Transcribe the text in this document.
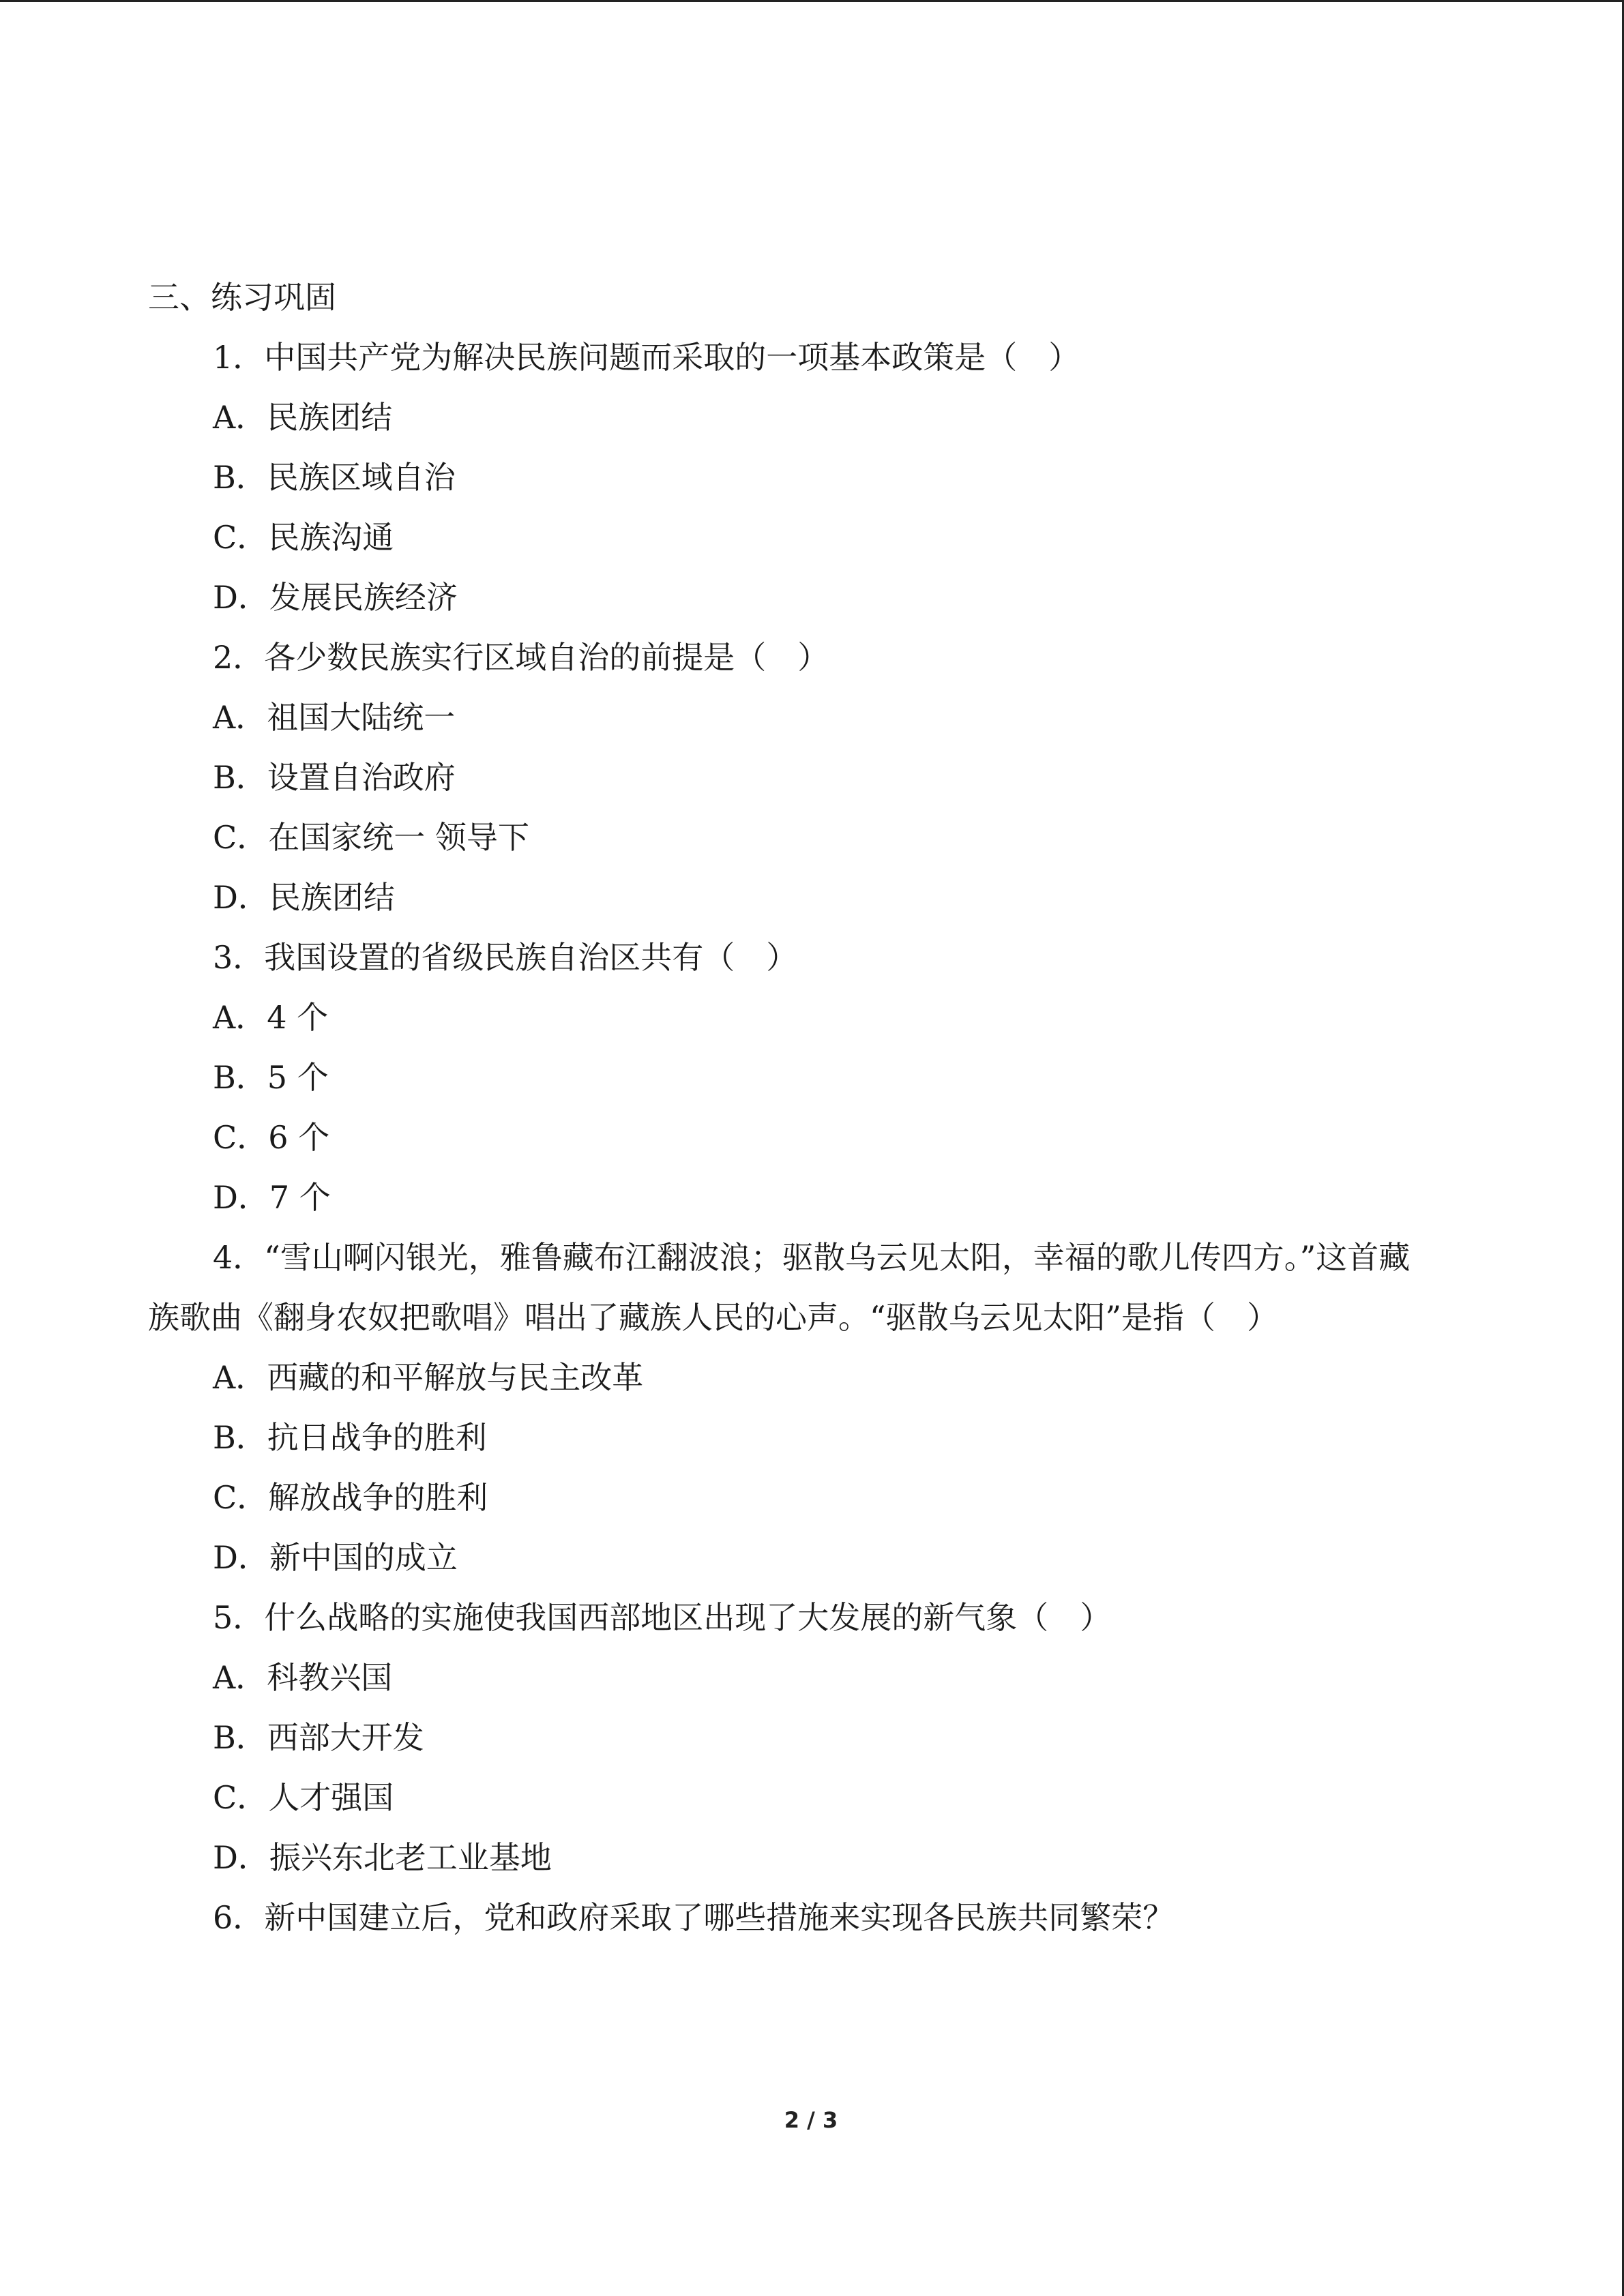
三、练习巩固
1．中国共产党为解决民族问题而采取的一项基本政策是（　）
A．民族团结
B．民族区域自治
C．民族沟通
D．发展民族经济
2．各少数民族实行区域自治的前提是（　）
A．祖国大陆统一
B．设置自治政府
C．在国家统一 领导下
D．民族团结
3．我国设置的省级民族自治区共有（　）
A．4 个
B．5 个
C．6 个
D．7 个
4．“雪山啊闪银光，雅鲁藏布江翻波浪；驱散乌云见太阳，幸福的歌儿传四方。”这首藏
族歌曲《翻身农奴把歌唱》唱出了藏族人民的心声。“驱散乌云见太阳”是指（　）
A．西藏的和平解放与民主改革
B．抗日战争的胜利
C．解放战争的胜利
D．新中国的成立
5．什么战略的实施使我国西部地区出现了大发展的新气象（　）
A．科教兴国
B．西部大开发
C．人才强国
D．振兴东北老工业基地
6．新中国建立后，党和政府采取了哪些措施来实现各民族共同繁荣？
2 / 3
